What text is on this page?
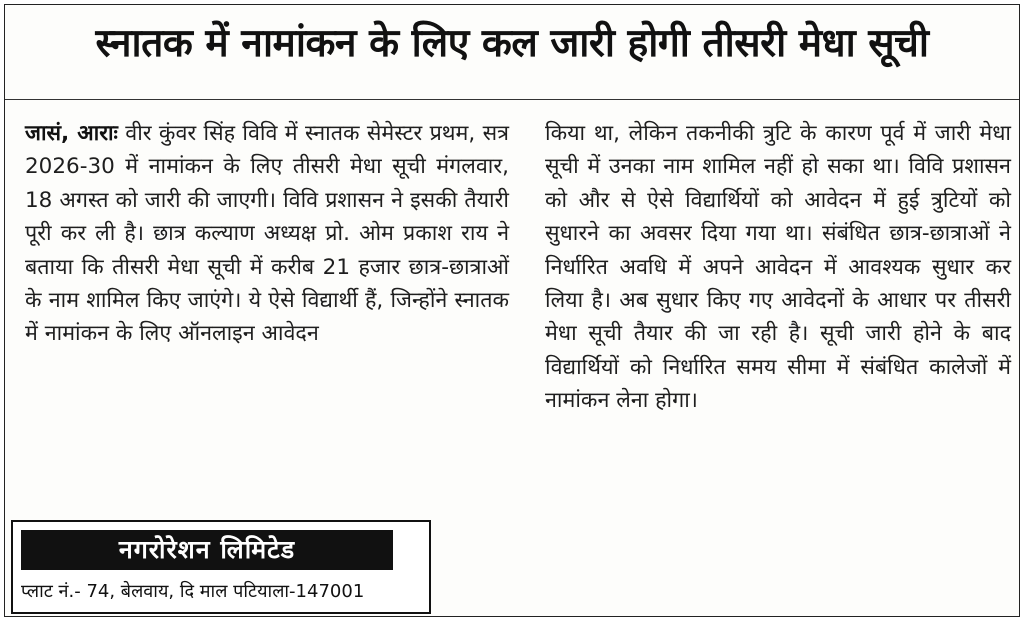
स्नातक में नामांकन के लिए कल जारी होगी तीसरी मेधा सूची

जासं, आराः वीर कुंवर सिंह विवि में स्नातक सेमेस्टर प्रथम, सत्र 2026-30 में नामांकन के लिए तीसरी मेधा सूची मंगलवार, 18 अगस्त को जारी की जाएगी। विवि प्रशासन ने इसकी तैयारी पूरी कर ली है। छात्र कल्याण अध्यक्ष प्रो. ओम प्रकाश राय ने बताया कि तीसरी मेधा सूची में करीब 21 हजार छात्र-छात्राओं के नाम शामिल किए जाएंगे। ये ऐसे विद्यार्थी हैं, जिन्होंने स्नातक में नामांकन के लिए ऑनलाइन आवेदन

किया था, लेकिन तकनीकी त्रुटि के कारण पूर्व में जारी मेधा सूची में उनका नाम शामिल नहीं हो सका था। विवि प्रशासन को और से ऐसे विद्यार्थियों को आवेदन में हुई त्रुटियों को सुधारने का अवसर दिया गया था। संबंधित छात्र-छात्राओं ने निर्धारित अवधि में अपने आवेदन में आवश्यक सुधार कर लिया है। अब सुधार किए गए आवेदनों के आधार पर तीसरी मेधा सूची तैयार की जा रही है। सूची जारी होने के बाद विद्यार्थियों को निर्धारित समय सीमा में संबंधित कालेजों में नामांकन लेना होगा।

नगरोरेशन लिमिटेड
प्लाट नं.- 74, बेलवाय, दि माल पटियाला-147001
